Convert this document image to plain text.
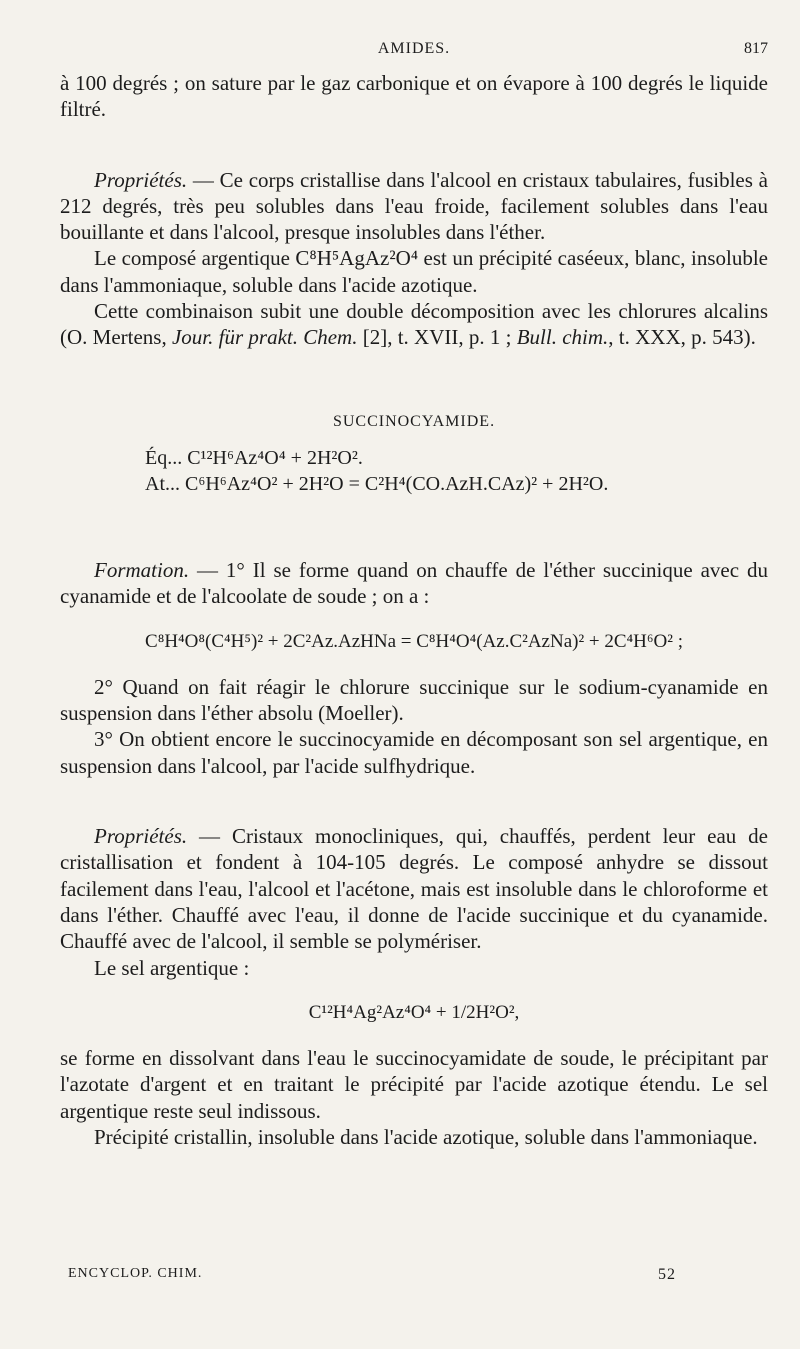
AMIDES.	817

à 100 degrés ; on sature par le gaz carbonique et on évapore à 100 degrés le liquide filtré.

Propriétés. — Ce corps cristallise dans l'alcool en cristaux tabulaires, fusibles à 212 degrés, très peu solubles dans l'eau froide, facilement solubles dans l'eau bouillante et dans l'alcool, presque insolubles dans l'éther.

Le composé argentique C⁸H⁵AgAz²O⁴ est un précipité caséeux, blanc, insoluble dans l'ammoniaque, soluble dans l'acide azotique.

Cette combinaison subit une double décomposition avec les chlorures alcalins (O. Mertens, Jour. für prakt. Chem. [2], t. XVII, p. 1 ; Bull. chim., t. XXX, p. 543).

SUCCINOCYAMIDE.

Éq... C¹²H⁶Az⁴O⁴ + 2H²O².
At... C⁶H⁶Az⁴O² + 2H²O = C²H⁴(CO.AzH.CAz)² + 2H²O.

Formation. — 1° Il se forme quand on chauffe de l'éther succinique avec du cyanamide et de l'alcoolate de soude ; on a :

C⁸H⁴O⁸(C⁴H⁵)² + 2C²Az.AzHNa = C⁸H⁴O⁴(Az.C²AzNa)² + 2C⁴H⁶O² ;

2° Quand on fait réagir le chlorure succinique sur le sodium-cyanamide en suspension dans l'éther absolu (Moeller).

3° On obtient encore le succinocyamide en décomposant son sel argentique, en suspension dans l'alcool, par l'acide sulfhydrique.

Propriétés. — Cristaux monocliniques, qui, chauffés, perdent leur eau de cristallisation et fondent à 104-105 degrés. Le composé anhydre se dissout facilement dans l'eau, l'alcool et l'acétone, mais est insoluble dans le chloroforme et dans l'éther. Chauffé avec l'eau, il donne de l'acide succinique et du cyanamide. Chauffé avec de l'alcool, il semble se polymériser.

Le sel argentique :

C¹²H⁴Ag²Az⁴O⁴ + 1/2H²O²,

se forme en dissolvant dans l'eau le succinocyamidate de soude, le précipitant par l'azotate d'argent et en traitant le précipité par l'acide azotique étendu. Le sel argentique reste seul indissous.

Précipité cristallin, insoluble dans l'acide azotique, soluble dans l'ammoniaque.

ENCYCLOP. CHIM.	52
